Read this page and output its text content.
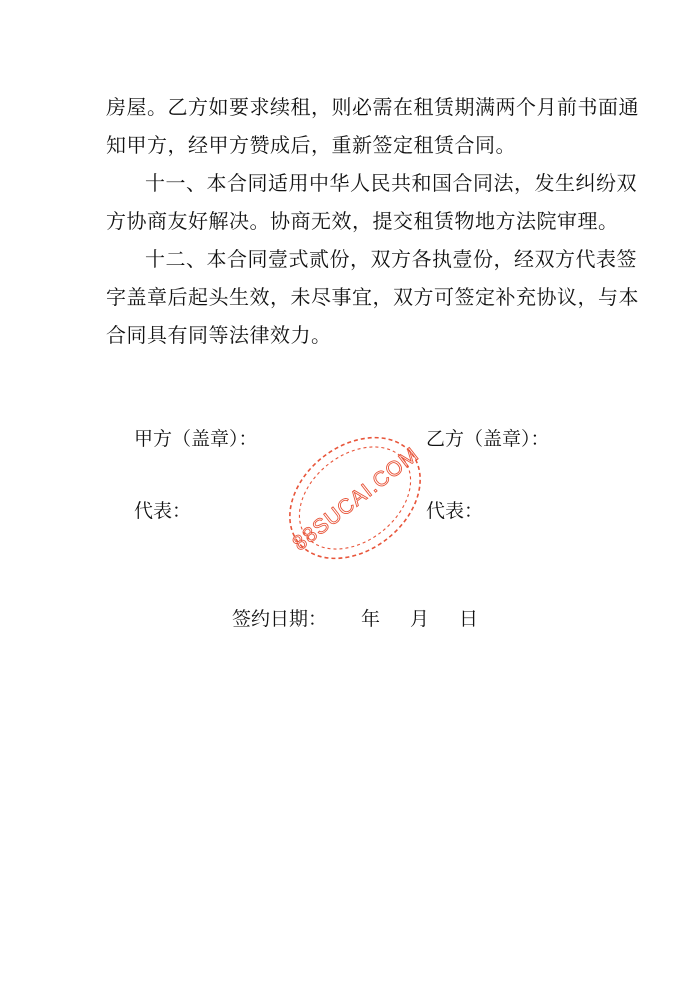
房屋。乙方如要求续租，则必需在租赁期满两个月前书面通
知甲方，经甲方赞成后，重新签定租赁合同。

十一、本合同适用中华人民共和国合同法，发生纠纷双
方协商友好解决。协商无效，提交租赁物地方法院审理。

十二、本合同壹式贰份，双方各执壹份，经双方代表签
字盖章后起头生效，未尽事宜，双方可签定补充协议，与本
合同具有同等法律效力。

甲方（盖章）：	乙方（盖章）：
代表：	代表：
88SUCAI.COM
签约日期： 年 月 日
